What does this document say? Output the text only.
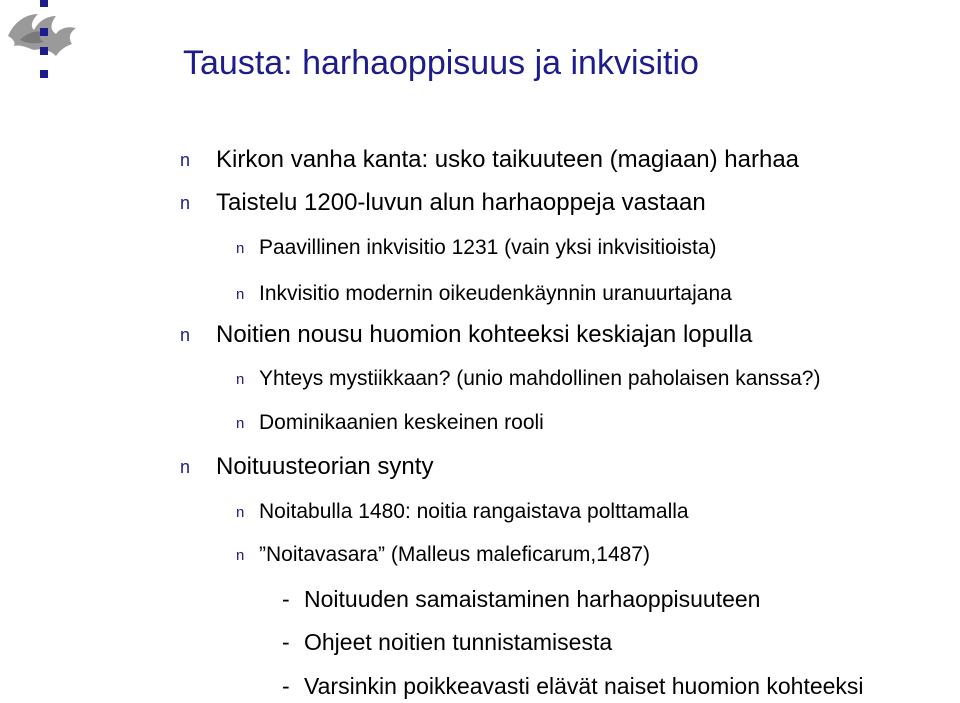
Tausta: harhaoppisuus ja inkvisitio
n Kirkon vanha kanta: usko taikuuteen (magiaan) harhaa
n Taistelu 1200-luvun alun harhaoppeja vastaan
n Paavillinen inkvisitio 1231 (vain yksi inkvisitioista)
n Inkvisitio modernin oikeudenkäynnin uranuurtajana
n Noitien nousu huomion kohteeksi keskiajan lopulla
n Yhteys mystiikkaan? (unio mahdollinen paholaisen kanssa?)
n Dominikaanien keskeinen rooli
n Noituusteorian synty
n Noitabulla 1480: noitia rangaistava polttamalla
n ”Noitavasara” (Malleus maleficarum,1487)
- Noituuden samaistaminen harhaoppisuuteen
- Ohjeet noitien tunnistamisesta
- Varsinkin poikkeavasti elävät naiset huomion kohteeksi
